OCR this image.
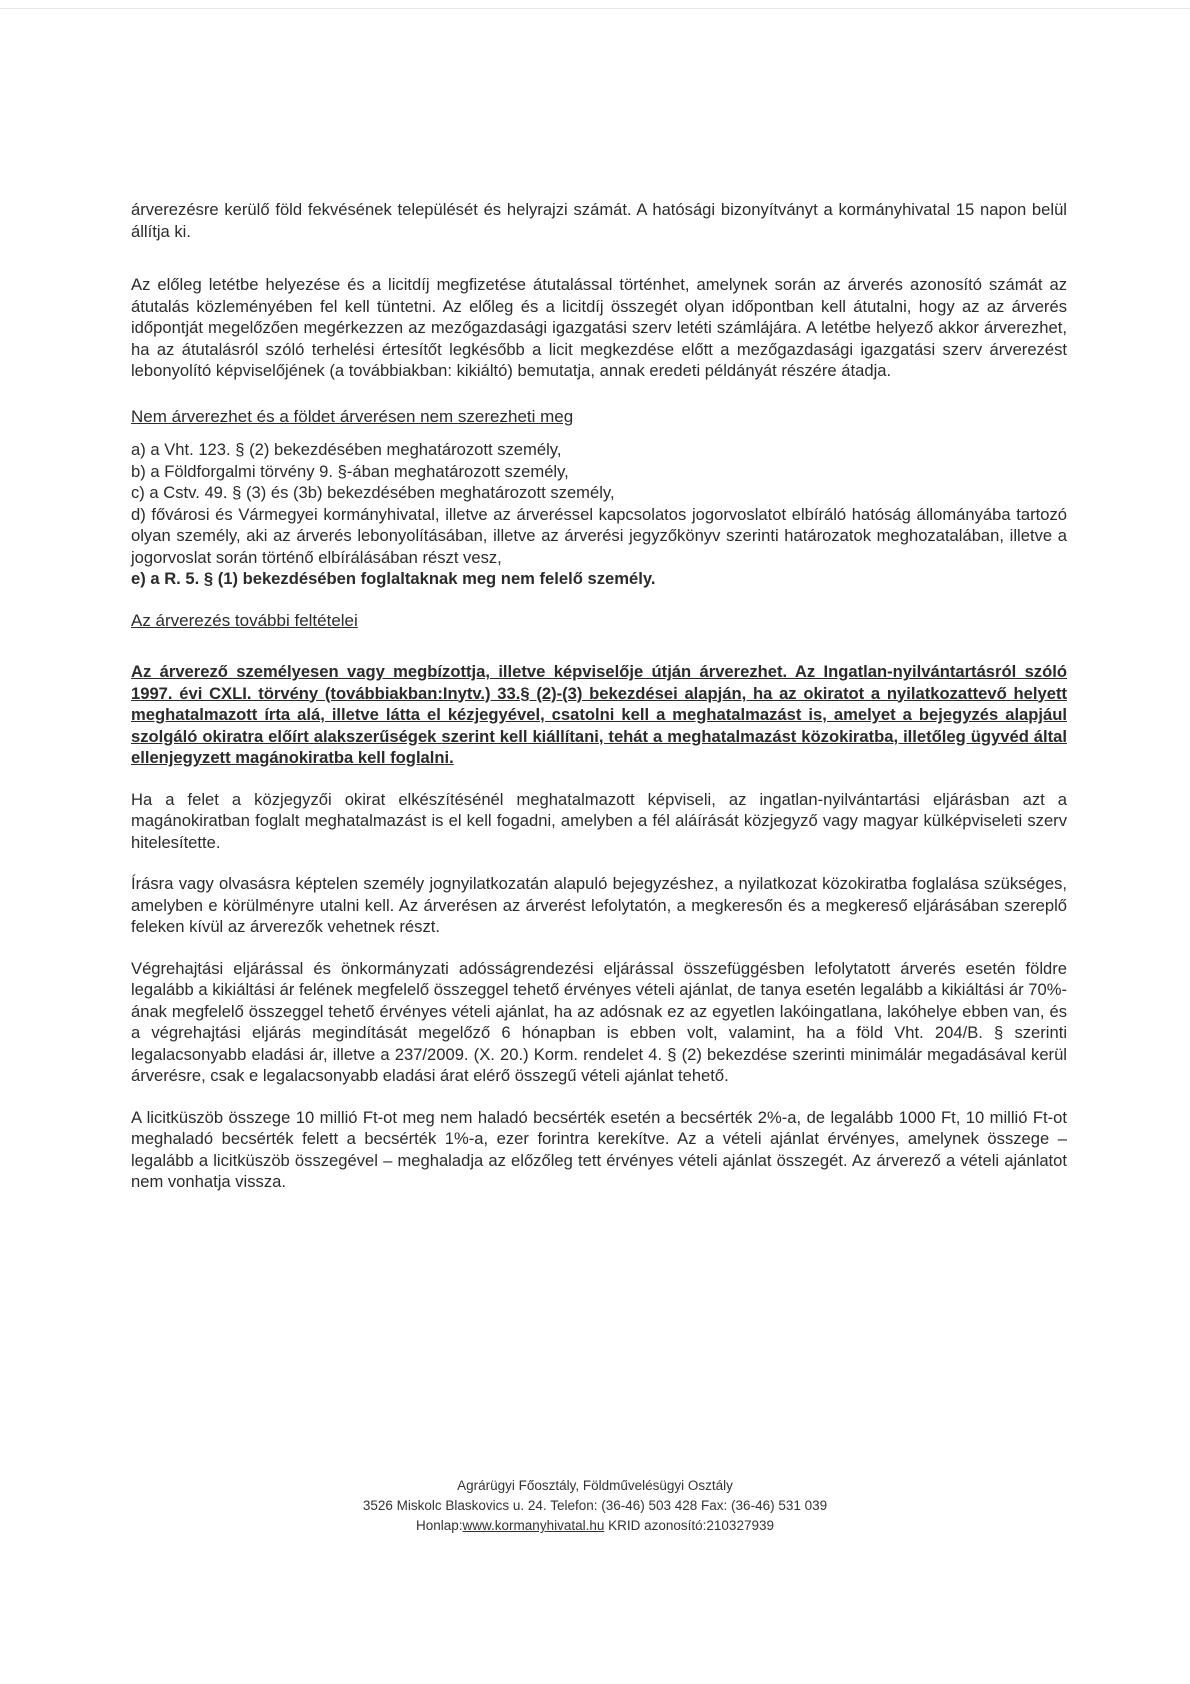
árverezésre kerülő föld fekvésének települését és helyrajzi számát. A hatósági bizonyítványt a kormányhivatal 15 napon belül állítja ki.

Az előleg letétbe helyezése és a licitdíj megfizetése átutalással történhet, amelynek során az árverés azonosító számát az átutalás közleményében fel kell tüntetni. Az előleg és a licitdíj összegét olyan időpontban kell átutalni, hogy az az árverés időpontját megelőzően megérkezzen az mezőgazdasági igazgatási szerv letéti számlájára. A letétbe helyező akkor árverezhet, ha az átutalásról szóló terhelési értesítőt legkésőbb a licit megkezdése előtt a mezőgazdasági igazgatási szerv árverezést lebonyolító képviselőjének (a továbbiakban: kikiáltó) bemutatja, annak eredeti példányát részére átadja.

Nem árverezhet és a földet árverésen nem szerezheti meg
a) a Vht. 123. § (2) bekezdésében meghatározott személy,
b) a Földforgalmi törvény 9. §-ában meghatározott személy,
c) a Cstv. 49. § (3) és (3b) bekezdésében meghatározott személy,
d) fővárosi és Vármegyei kormányhivatal, illetve az árveréssel kapcsolatos jogorvoslatot elbíráló hatóság állományába tartozó olyan személy, aki az árverés lebonyolításában, illetve az árverési jegyzőkönyv szerinti határozatok meghozatalában, illetve a jogorvoslat során történő elbírálásában részt vesz,
e) a R. 5. § (1) bekezdésében foglaltaknak meg nem felelő személy.
Az árverezés további feltételei

Az árverező személyesen vagy megbízottja, illetve képviselője útján árverezhet. Az Ingatlan-nyilvántartásról szóló 1997. évi CXLI. törvény (továbbiakban:Inytv.) 33.§ (2)-(3) bekezdései alapján, ha az okiratot a nyilatkozattevő helyett meghatalmazott írta alá, illetve látta el kézjegyével, csatolni kell a meghatalmazást is, amelyet a bejegyzés alapjául szolgáló okiratra előírt alakszerűségek szerint kell kiállítani, tehát a meghatalmazást közokiratba, illetőleg ügyvéd által ellenjegyzett magánokiratba kell foglalni.

Ha a felet a közjegyzői okirat elkészítésénél meghatalmazott képviseli, az ingatlan-nyilvántartási eljárásban azt a magánokiratban foglalt meghatalmazást is el kell fogadni, amelyben a fél aláírását közjegyző vagy magyar külképviseleti szerv hitelesítette.

Írásra vagy olvasásra képtelen személy jognyilatkozatán alapuló bejegyzéshez, a nyilatkozat közokiratba foglalása szükséges, amelyben e körülményre utalni kell. Az árverésen az árverést lefolytatón, a megkeresőn és a megkereső eljárásában szereplő feleken kívül az árverezők vehetnek részt.

Végrehajtási eljárással és önkormányzati adósságrendezési eljárással összefüggésben lefolytatott árverés esetén földre legalább a kikiáltási ár felének megfelelő összeggel tehető érvényes vételi ajánlat, de tanya esetén legalább a kikiáltási ár 70%-ának megfelelő összeggel tehető érvényes vételi ajánlat, ha az adósnak ez az egyetlen lakóingatlana, lakóhelye ebben van, és a végrehajtási eljárás megindítását megelőző 6 hónapban is ebben volt, valamint, ha a föld Vht. 204/B. § szerinti legalacsonyabb eladási ár, illetve a 237/2009. (X. 20.) Korm. rendelet 4. § (2) bekezdése szerinti minimálár megadásával kerül árverésre, csak e legalacsonyabb eladási árat elérő összegű vételi ajánlat tehető.

A licitküszöb összege 10 millió Ft-ot meg nem haladó becsérték esetén a becsérték 2%-a, de legalább 1000 Ft, 10 millió Ft-ot meghaladó becsérték felett a becsérték 1%-a, ezer forintra kerekítve. Az a vételi ajánlat érvényes, amelynek összege – legalább a licitküszöb összegével – meghaladja az előzőleg tett érvényes vételi ajánlat összegét. Az árverező a vételi ajánlatot nem vonhatja vissza.

Agrárügyi Főosztály, Földművelésügyi Osztály
3526 Miskolc Blaskovics u. 24. Telefon: (36-46) 503 428 Fax: (36-46) 531 039
Honlap:www.kormanyhivatal.hu KRID azonosító:210327939
